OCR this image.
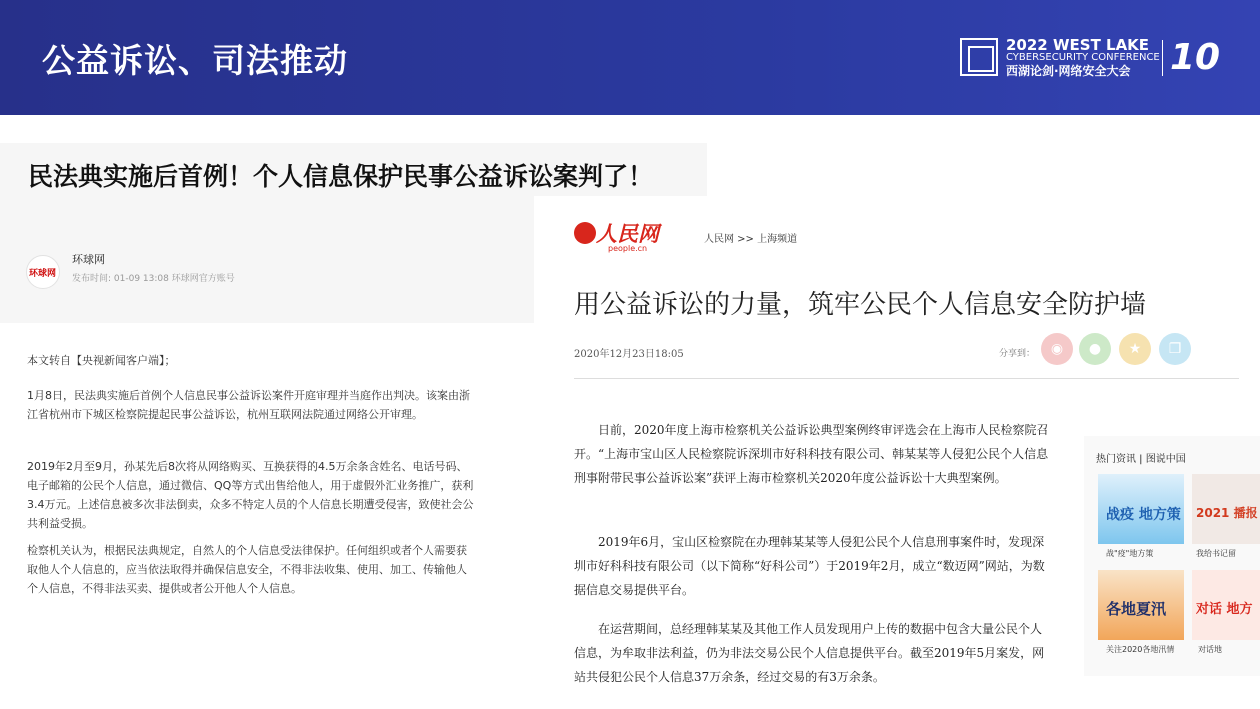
公益诉讼、司法推动	2022 WEST LAKE
CYBERSECURITY CONFERENCE
西湖论剑·网络安全大会 10
民法典实施后首例！个人信息保护民事公益诉讼案判了！
环球网
环球网
发布时间: 01-09 13:08 环球网官方账号

本文转自【央视新闻客户端】；

1月8日，民法典实施后首例个人信息民事公益诉讼案件开庭审理并当庭作出判决。该案由浙江省杭州市下城区检察院提起民事公益诉讼，杭州互联网法院通过网络公开审理。

2019年2月至9月，孙某先后8次将从网络购买、互换获得的4.5万余条含姓名、电话号码、电子邮箱的公民个人信息，通过微信、QQ等方式出售给他人，用于虚假外汇业务推广，获利3.4万元。上述信息被多次非法倒卖，众多不特定人员的个人信息长期遭受侵害，致使社会公共利益受损。

检察机关认为，根据民法典规定，自然人的个人信息受法律保护。任何组织或者个人需要获取他人个人信息的，应当依法取得并确保信息安全，不得非法收集、使用、加工、传输他人个人信息，不得非法买卖、提供或者公开他人个人信息。

人民网
people.cn
人民网 >> 上海频道
用公益诉讼的力量，筑牢公民个人信息安全防护墙
2020年12月23日18:05	分享到：	◉	●	★	❐

日前，2020年度上海市检察机关公益诉讼典型案例终审评选会在上海市人民检察院召开。“上海市宝山区人民检察院诉深圳市好科科技有限公司、韩某某等人侵犯公民个人信息刑事附带民事公益诉讼案”获评上海市检察机关2020年度公益诉讼十大典型案例。

2019年6月，宝山区检察院在办理韩某某等人侵犯公民个人信息刑事案件时，发现深圳市好科科技有限公司（以下简称“好科公司”）于2019年2月，成立“数迈网”网站，为数据信息交易提供平台。

在运营期间，总经理韩某某及其他工作人员发现用户上传的数据中包含大量公民个人信息，为牟取非法利益，仍为非法交易公民个人信息提供平台。截至2019年5月案发，网站共侵犯公民个人信息37万余条，经过交易的有3万余条。

热门资讯 | 图说中国
战疫 地方策
战"疫"地方策
2021 播报
我给书记留
各地夏汛
关注2020各地汛情
对话 地方
对话地
